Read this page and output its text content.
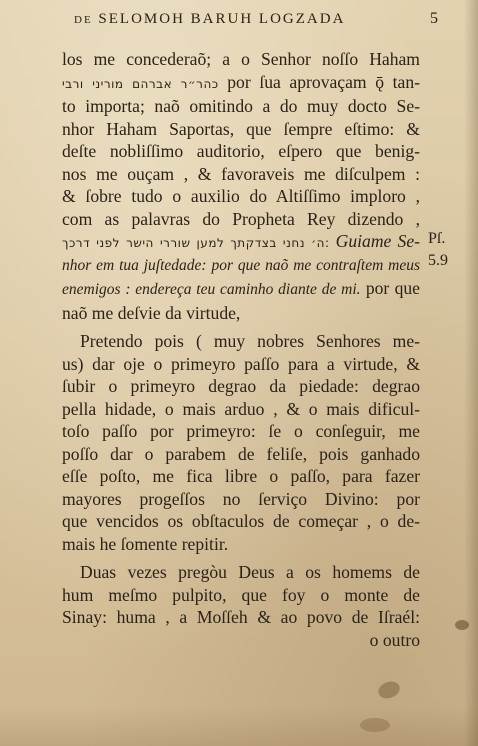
de SELOMOH BARUH LOGZADA	5
los me concederaõ; a o Senhor noſſo Haham
כהר״ר אברהם מוריני ורבי por ſua aprovaçam ǭ tan-
to importa; naõ omitindo a do muy docto Se-
nhor Haham Saportas, que ſempre eſtimo: &
deſte nobliſſimo auditorio, eſpero que benig-
nos me ouçam , & favoraveis me diſculpem :
& ſobre tudo o auxilio do Altiſſimo imploro ,
com as palavras do Propheta Rey dizendo ,
ה׳ נחני בצדקתך למען שוררי הישר לפני דרכך: Guiame Se-
nhor em tua juſtedade: por que naõ me contraſtem meus
enemigos : endereça teu caminho diante de mi. por que
naõ me deſvie da virtude,
Pretendo pois ( muy nobres Senhores me-
us) dar oje o primeyro paſſo para a virtude, &
ſubir o primeyro degrao da piedade: degrao
pella hidade, o mais arduo , & o mais dificul-
toſo paſſo por primeyro: ſe o conſeguir, me
poſſo dar o parabem de feliſe, pois ganhado
eſſe poſto, me fica libre o paſſo, para fazer
mayores progeſſos no ſerviço Divino: por
que vencidos os obſtaculos de começar , o de-
mais he ſomente repitir.
Duas vezes pregòu Deus a os homems de
hum meſmo pulpito, que foy o monte de
Sinay: huma , a Moſſeh & ao povo de Iſraél:
o outro
Pſ.
5.9
